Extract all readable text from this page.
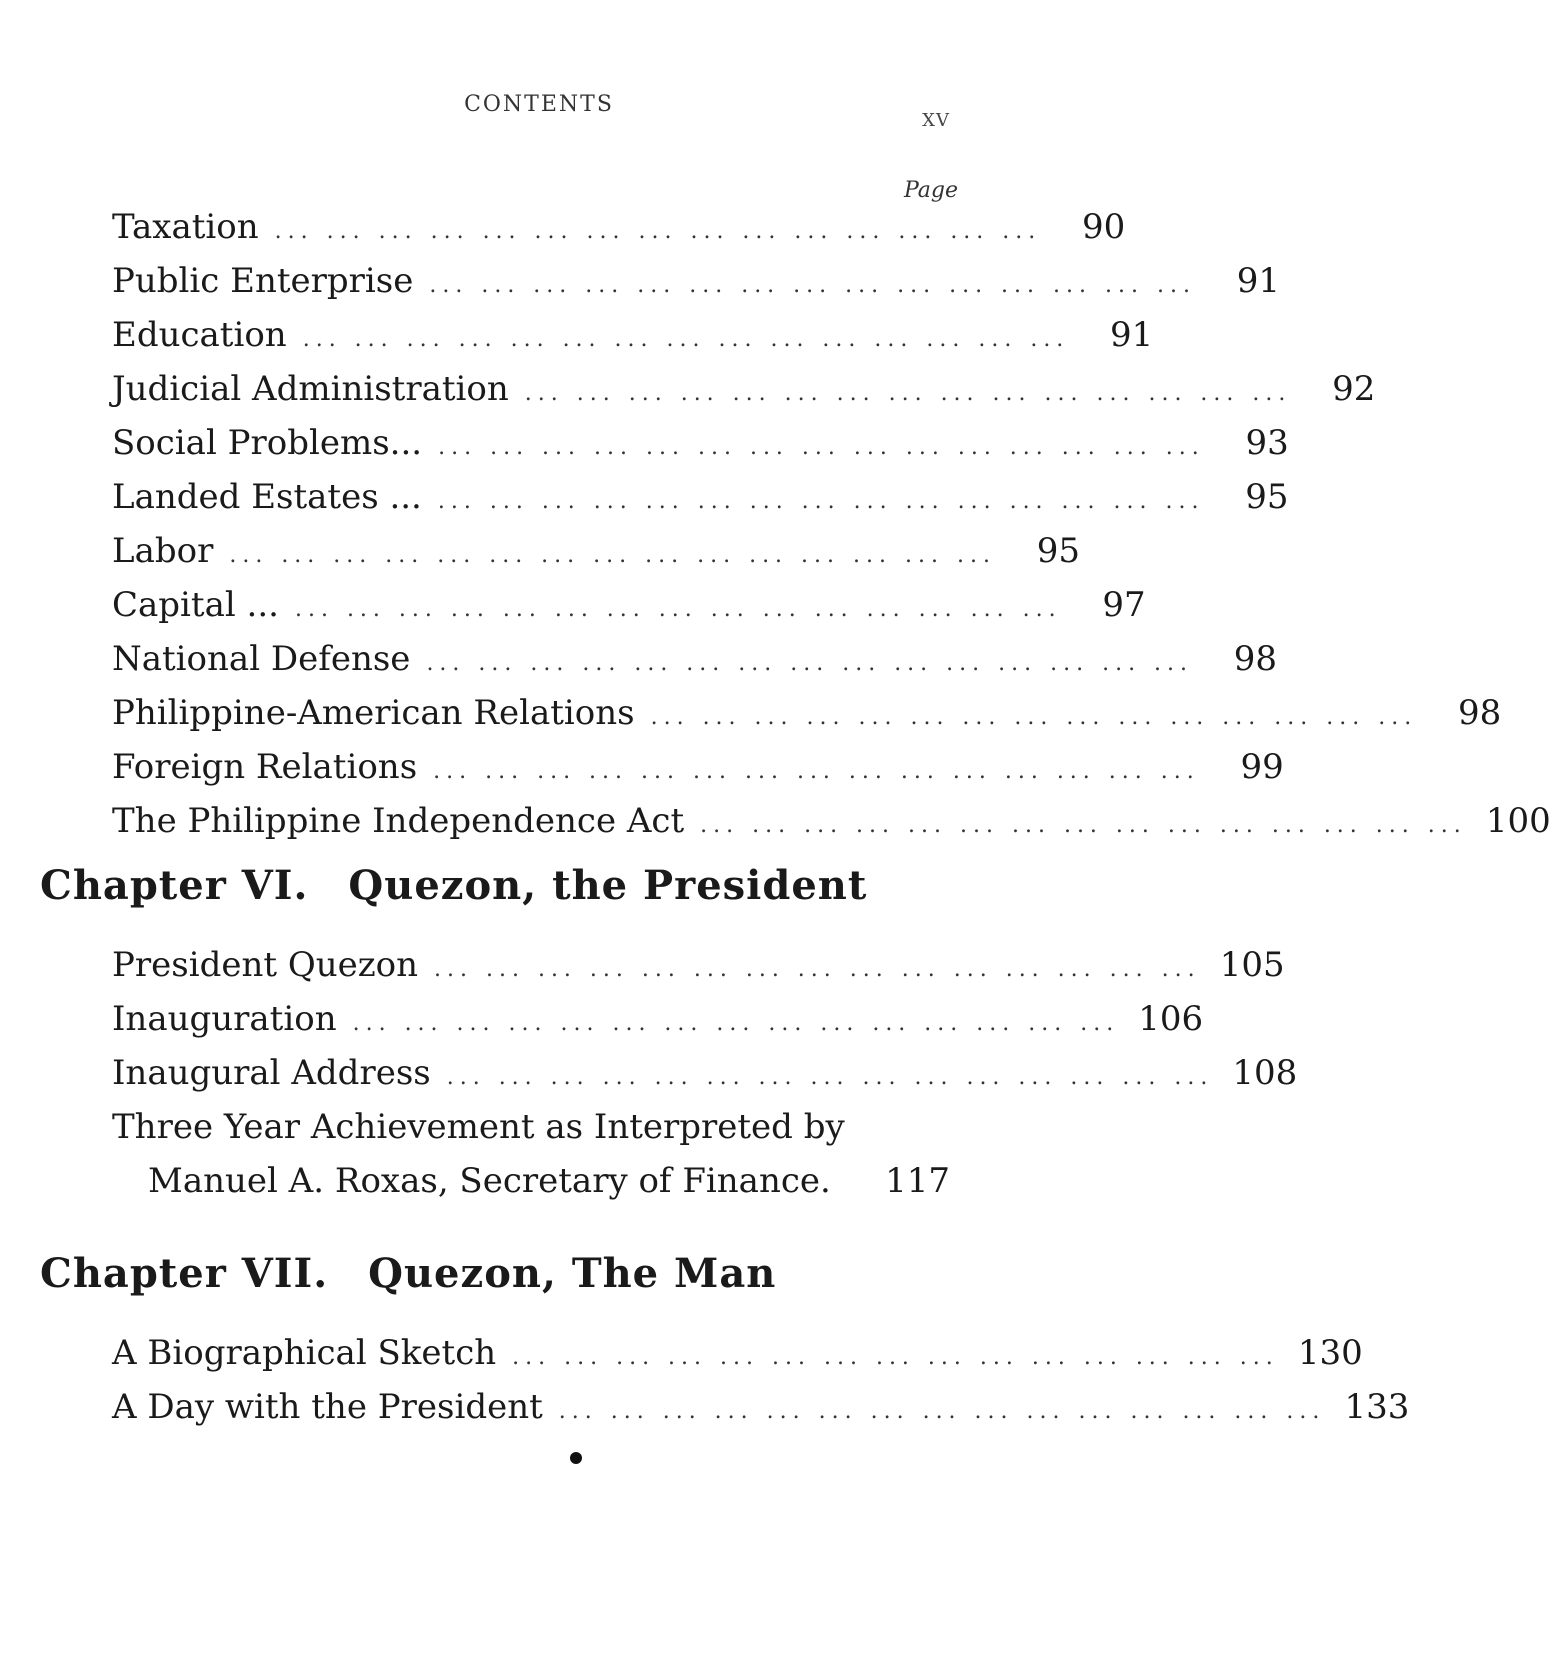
CONTENTS
XV
Page
Taxation ... ... ... ... ... ... ... ... ... ... ... ... ... ... ...	90
Public Enterprise ... ... ... ... ... ... ... ... ... ... ... ... ... ... ...	91
Education ... ... ... ... ... ... ... ... ... ... ... ... ... ... ...	91
Judicial Administration ... ... ... ... ... ... ... ... ... ... ... ... ... ... ...	92
Social Problems... ... ... ... ... ... ... ... ... ... ... ... ... ... ... ...	93
Landed Estates ... ... ... ... ... ... ... ... ... ... ... ... ... ... ... ...	95
Labor ... ... ... ... ... ... ... ... ... ... ... ... ... ... ...	95
Capital ... ... ... ... ... ... ... ... ... ... ... ... ... ... ... ...	97
National Defense ... ... ... ... ... ... ... ... ... ... ... ... ... ... ...	98
Philippine-American Relations ... ... ... ... ... ... ... ... ... ... ... ... ... ... ...	98
Foreign Relations ... ... ... ... ... ... ... ... ... ... ... ... ... ... ...	99
The Philippine Independence Act ... ... ... ... ... ... ... ... ... ... ... ... ... ... ... 100
Chapter VI. Quezon, the President
President Quezon ... ... ... ... ... ... ... ... ... ... ... ... ... ... ... 105
Inauguration ... ... ... ... ... ... ... ... ... ... ... ... ... ... ... 106
Inaugural Address ... ... ... ... ... ... ... ... ... ... ... ... ... ... ... 108
Three Year Achievement as Interpreted by
Manuel A. Roxas, Secretary of Finance.	117
Chapter VII. Quezon, The Man
A Biographical Sketch ... ... ... ... ... ... ... ... ... ... ... ... ... ... ... 130
A Day with the President ... ... ... ... ... ... ... ... ... ... ... ... ... ... ... 133
